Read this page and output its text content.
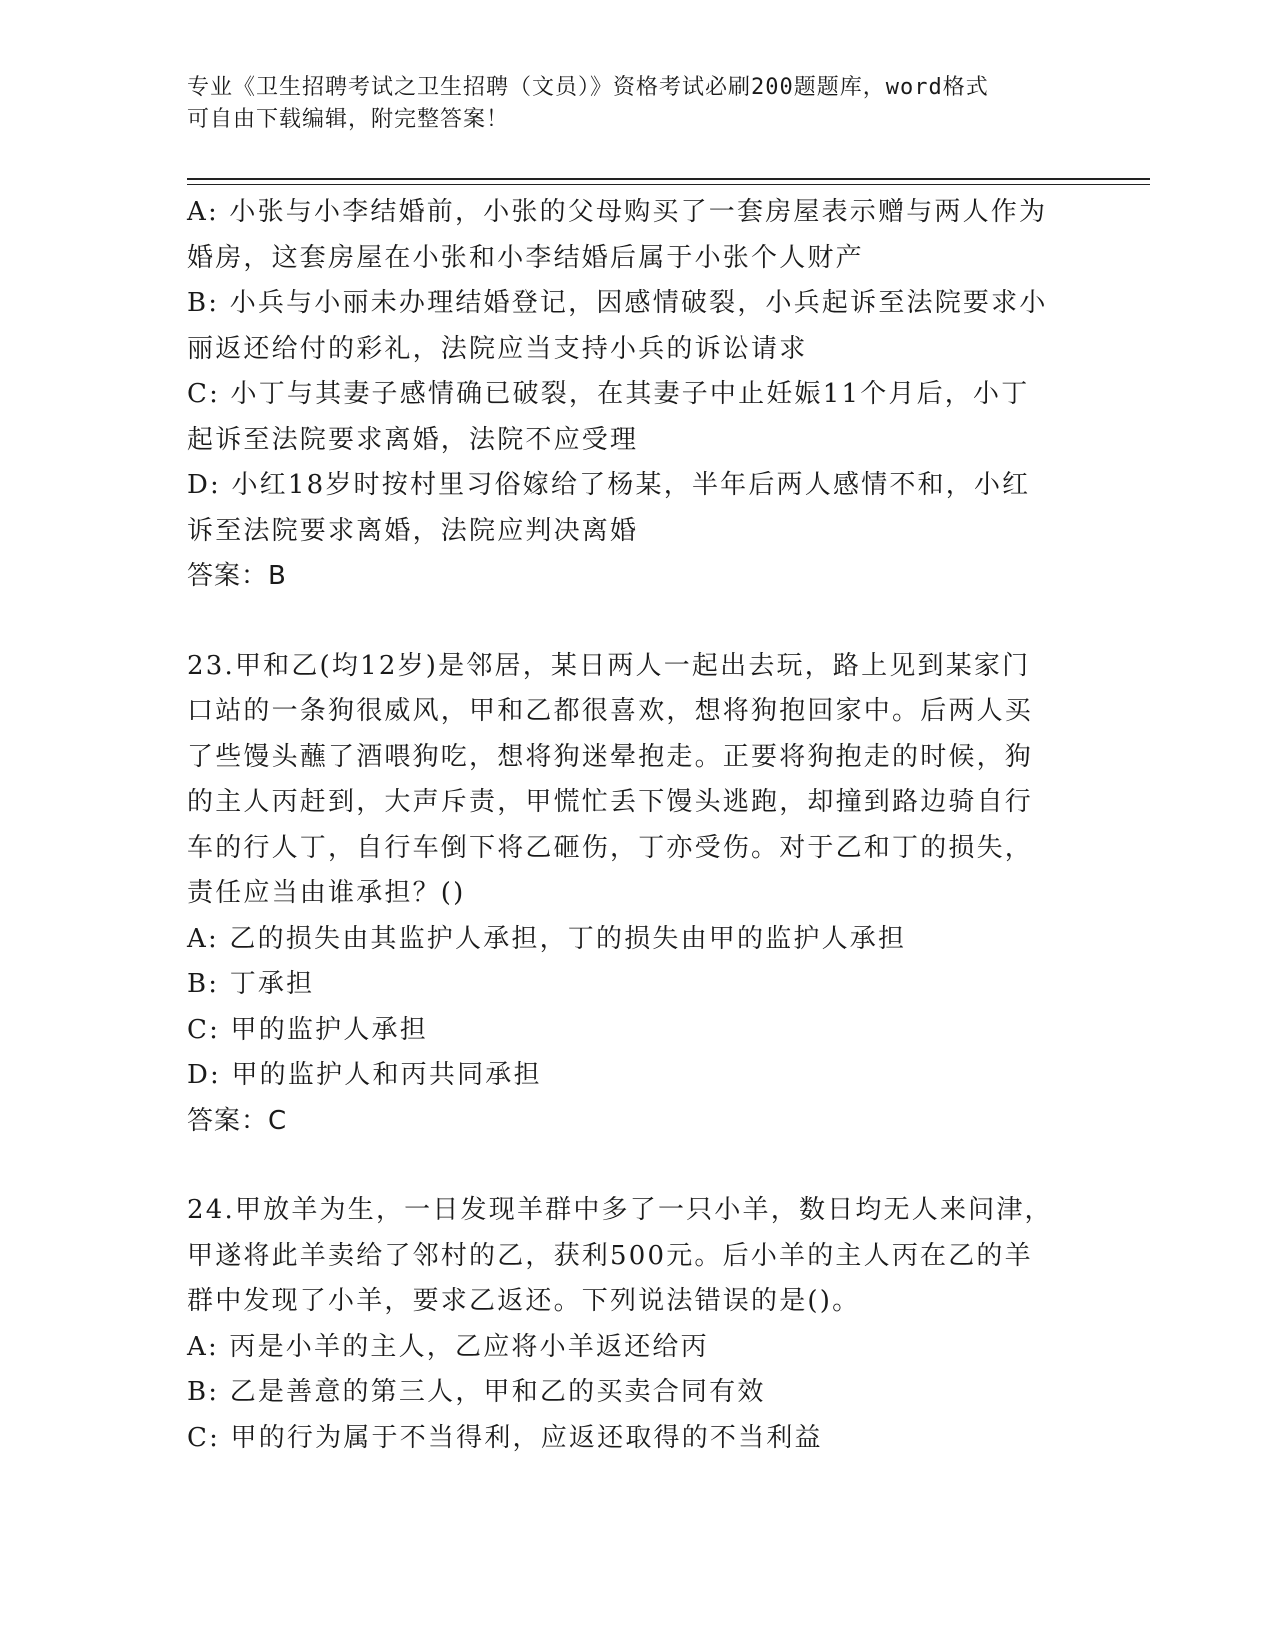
专业《卫生招聘考试之卫生招聘（文员）》资格考试必刷200题题库，word格式
可自由下载编辑，附完整答案！
A: 小张与小李结婚前，小张的父母购买了一套房屋表示赠与两人作为
婚房，这套房屋在小张和小李结婚后属于小张个人财产
B: 小兵与小丽未办理结婚登记，因感情破裂，小兵起诉至法院要求小
丽返还给付的彩礼，法院应当支持小兵的诉讼请求
C: 小丁与其妻子感情确已破裂，在其妻子中止妊娠11个月后，小丁
起诉至法院要求离婚，法院不应受理
D: 小红18岁时按村里习俗嫁给了杨某，半年后两人感情不和，小红
诉至法院要求离婚，法院应判决离婚
答案：B
23.甲和乙(均12岁)是邻居，某日两人一起出去玩，路上见到某家门
口站的一条狗很威风，甲和乙都很喜欢，想将狗抱回家中。后两人买
了些馒头蘸了酒喂狗吃，想将狗迷晕抱走。正要将狗抱走的时候，狗
的主人丙赶到，大声斥责，甲慌忙丢下馒头逃跑，却撞到路边骑自行
车的行人丁，自行车倒下将乙砸伤，丁亦受伤。对于乙和丁的损失，
责任应当由谁承担？()
A: 乙的损失由其监护人承担，丁的损失由甲的监护人承担
B: 丁承担
C: 甲的监护人承担
D: 甲的监护人和丙共同承担
答案：C
24.甲放羊为生，一日发现羊群中多了一只小羊，数日均无人来问津，
甲遂将此羊卖给了邻村的乙，获利500元。后小羊的主人丙在乙的羊
群中发现了小羊，要求乙返还。下列说法错误的是()。
A: 丙是小羊的主人，乙应将小羊返还给丙
B: 乙是善意的第三人，甲和乙的买卖合同有效
C: 甲的行为属于不当得利，应返还取得的不当利益
